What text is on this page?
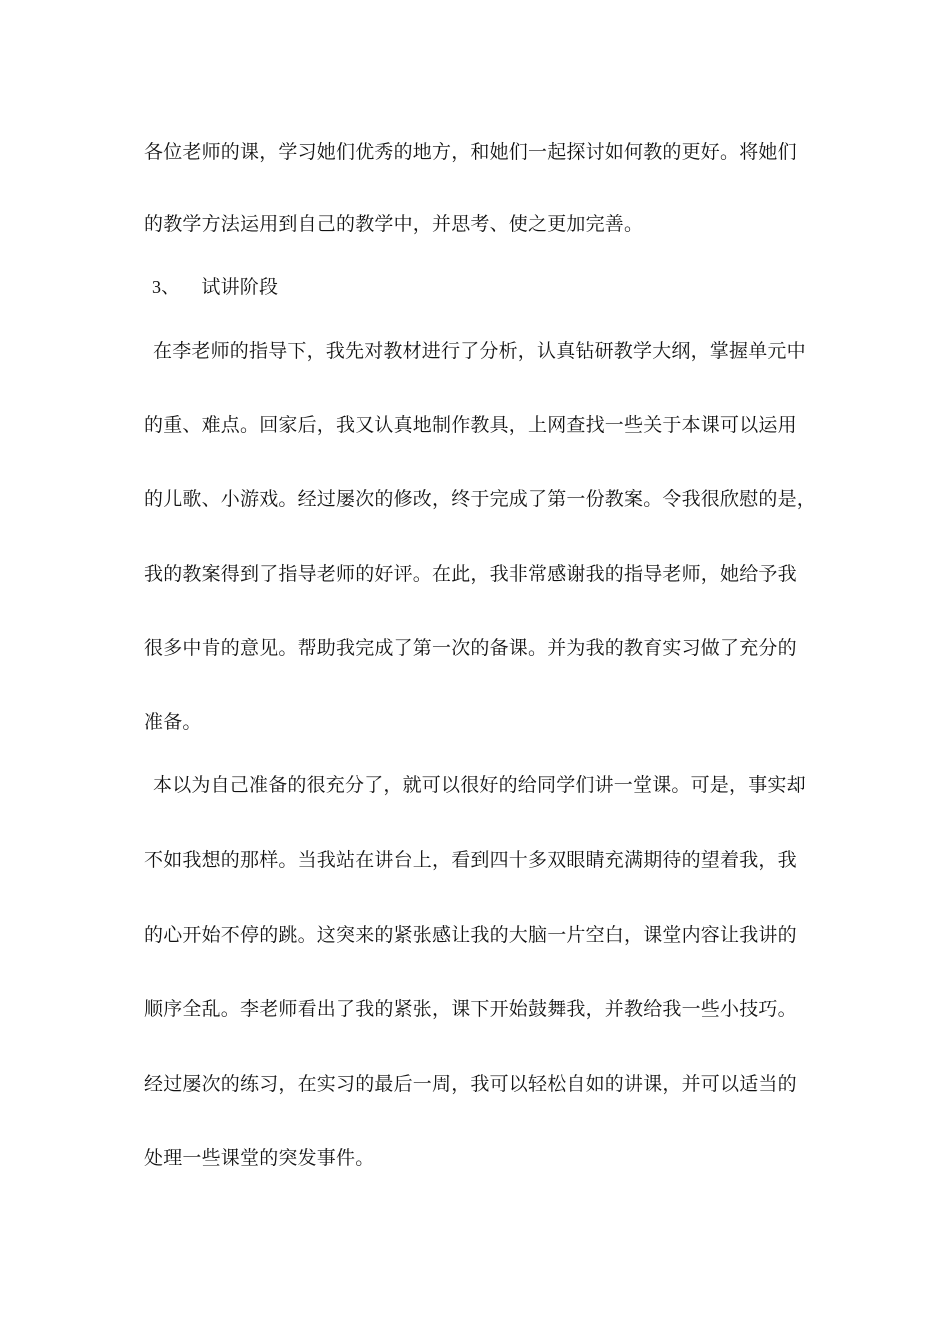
各位老师的课，学习她们优秀的地方，和她们一起探讨如何教的更好。将她们
的教学方法运用到自己的教学中，并思考、使之更加完善。
3、 试讲阶段
在李老师的指导下，我先对教材进行了分析，认真钻研教学大纲，掌握单元中
的重、难点。回家后，我又认真地制作教具，上网查找一些关于本课可以运用
的儿歌、小游戏。经过屡次的修改，终于完成了第一份教案。令我很欣慰的是，
我的教案得到了指导老师的好评。在此，我非常感谢我的指导老师，她给予我
很多中肯的意见。帮助我完成了第一次的备课。并为我的教育实习做了充分的
准备。
本以为自己准备的很充分了，就可以很好的给同学们讲一堂课。可是，事实却
不如我想的那样。当我站在讲台上，看到四十多双眼睛充满期待的望着我，我
的心开始不停的跳。这突来的紧张感让我的大脑一片空白，课堂内容让我讲的
顺序全乱。李老师看出了我的紧张，课下开始鼓舞我，并教给我一些小技巧。
经过屡次的练习，在实习的最后一周，我可以轻松自如的讲课，并可以适当的
处理一些课堂的突发事件。
